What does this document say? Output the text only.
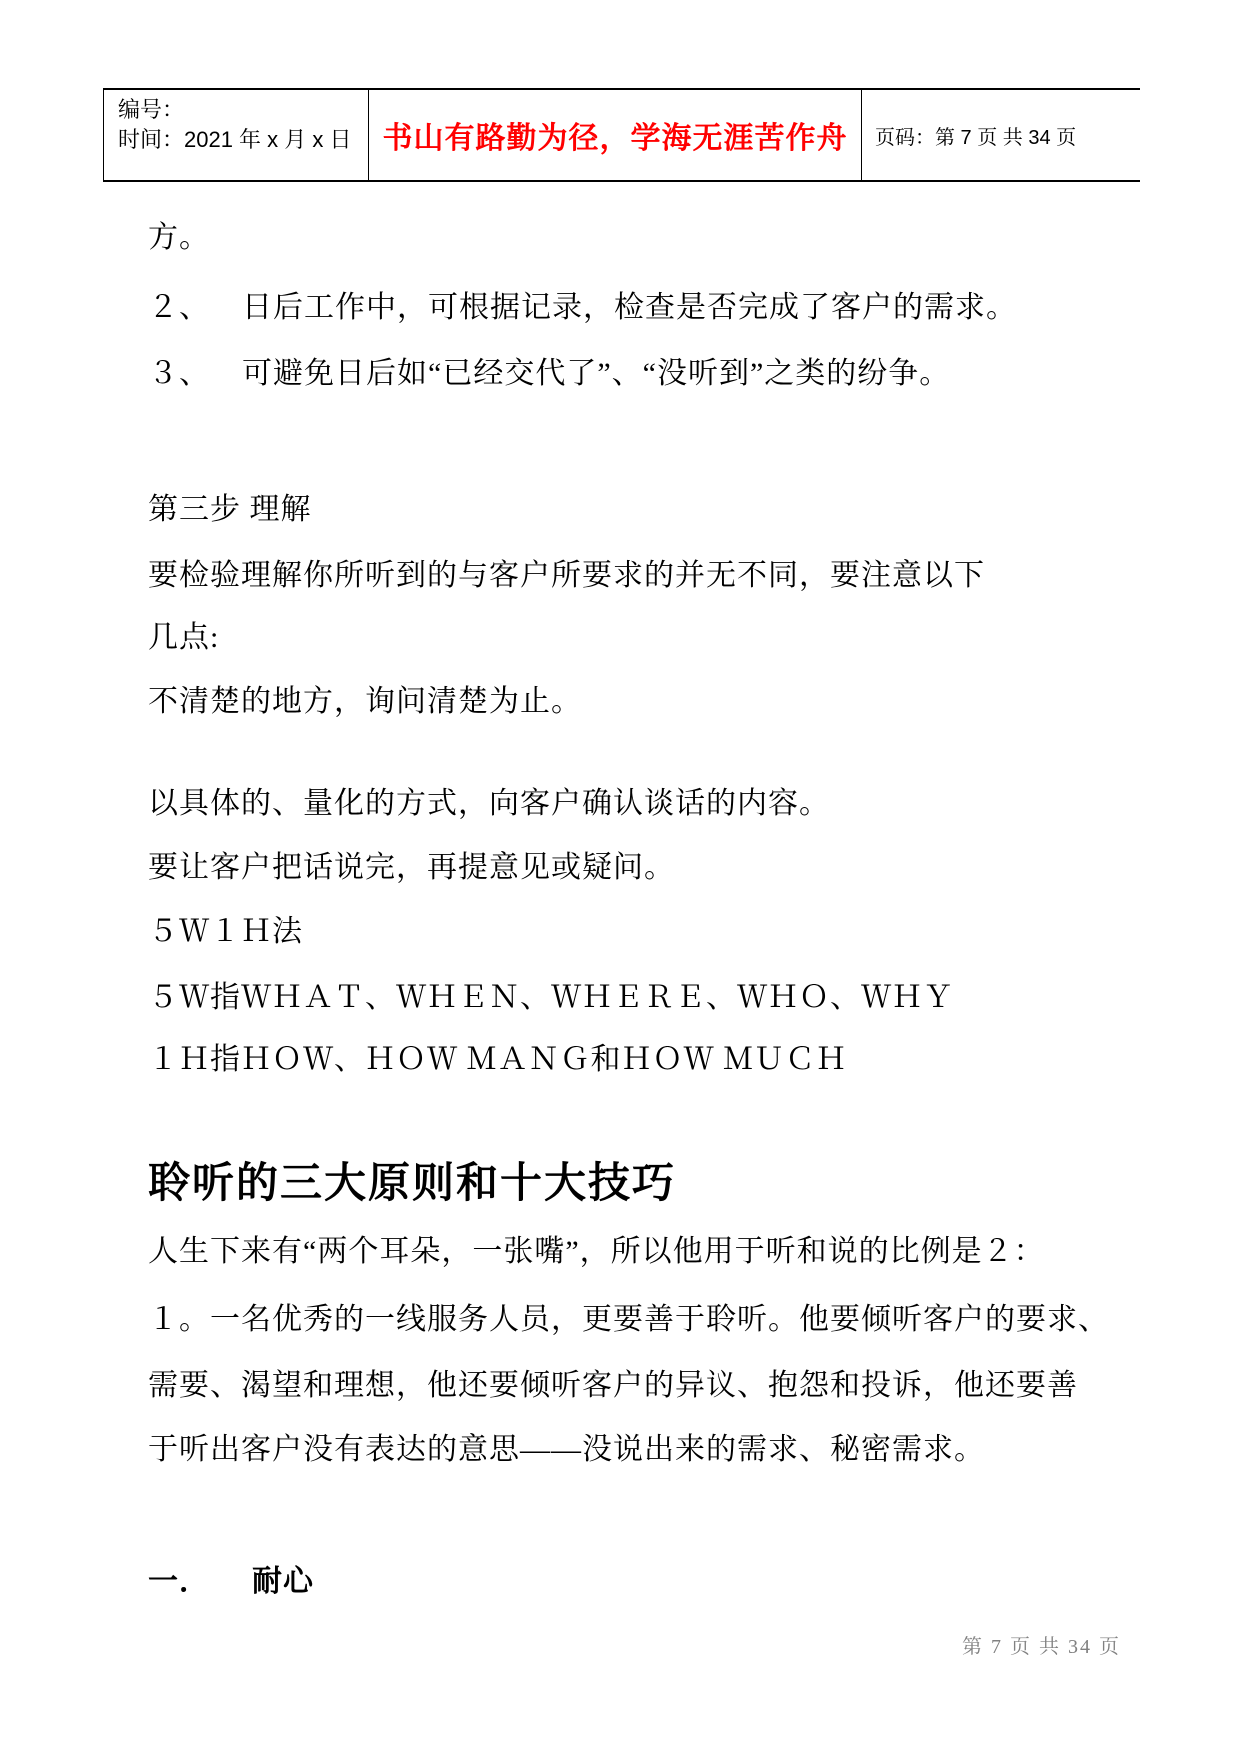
编号：
时间：2021 年 x 月 x 日	书山有路勤为径，学海无涯苦作舟 页码：第 7 页 共 34 页
方。
２、 日后工作中，可根据记录，检查是否完成了客户的需求。
３、 可避免日后如“已经交代了”、“没听到”之类的纷争。
第三步 理解
要检验理解你所听到的与客户所要求的并无不同，要注意以下
几点:
不清楚的地方，询问清楚为止。
以具体的、量化的方式，向客户确认谈话的内容。
要让客户把话说完，再提意见或疑问。
５Ｗ１Ｈ法
５Ｗ指ＷＨＡＴ、ＷＨＥＮ、ＷＨＥＲＥ、ＷＨＯ、ＷＨＹ
１Ｈ指ＨＯＷ、ＨＯＷ ＭＡＮＧ和ＨＯＷ ＭＵＣＨ
聆听的三大原则和十大技巧
人生下来有“两个耳朵，一张嘴”，所以他用于听和说的比例是２：
１。一名优秀的一线服务人员，更要善于聆听。他要倾听客户的要求、
需要、渴望和理想，他还要倾听客户的异议、抱怨和投诉，他还要善
于听出客户没有表达的意思——没说出来的需求、秘密需求。
一． 耐心
第 7 页 共 34 页
